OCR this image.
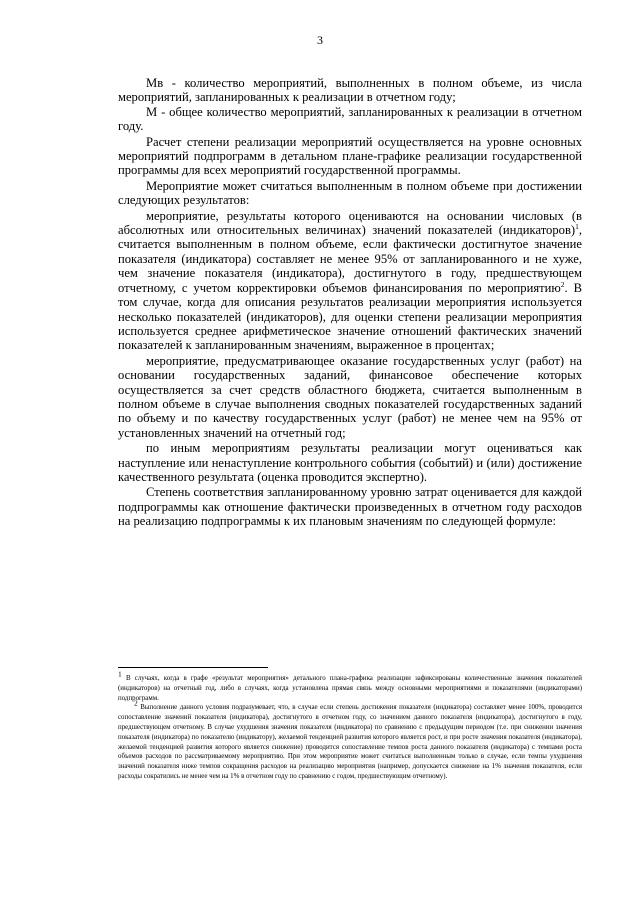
3

Мв - количество мероприятий, выполненных в полном объеме, из числа мероприятий, запланированных к реализации в отчетном году;

М - общее количество мероприятий, запланированных к реализации в отчетном году.

Расчет степени реализации мероприятий осуществляется на уровне основных мероприятий подпрограмм в детальном плане-графике реализации государственной программы для всех мероприятий государственной программы.

Мероприятие может считаться выполненным в полном объеме при достижении следующих результатов:

мероприятие, результаты которого оцениваются на основании числовых (в абсолютных или относительных величинах) значений показателей (индикаторов)$^1$, считается выполненным в полном объеме, если фактически достигнутое значение показателя (индикатора) составляет не менее 95% от запланированного и не хуже, чем значение показателя (индикатора), достигнутого в году, предшествующем отчетному, с учетом корректировки объемов финансирования по мероприятию$^2$. В том случае, когда для описания результатов реализации мероприятия используется несколько показателей (индикаторов), для оценки степени реализации мероприятия используется среднее арифметическое значение отношений фактических значений показателей к запланированным значениям, выраженное в процентах;

мероприятие, предусматривающее оказание государственных услуг (работ) на основании государственных заданий, финансовое обеспечение которых осуществляется за счет средств областного бюджета, считается выполненным в полном объеме в случае выполнения сводных показателей государственных заданий по объему и по качеству государственных услуг (работ) не менее чем на 95% от установленных значений на отчетный год;

по иным мероприятиям результаты реализации могут оцениваться как наступление или ненаступление контрольного события (событий) и (или) достижение качественного результата (оценка проводится экспертно).

Степень соответствия запланированному уровню затрат оценивается для каждой подпрограммы как отношение фактически произведенных в отчетном году расходов на реализацию подпрограммы к их плановым значениям по следующей формуле:

$^1$ В случаях, когда в графе «результат мероприятия» детального плана-графика реализации зафиксированы количественные значения показателей (индикаторов) на отчетный год, либо в случаях, когда установлена прямая связь между основными мероприятиями и показателями (индикаторами) подпрограмм.

$^2$ Выполнение данного условия подразумевает, что, в случае если степень достижения показателя (индикатора) составляет менее 100%, проводится сопоставление значений показателя (индикатора), достигнутого в отчетном году, со значением данного показателя (индикатора), достигнутого в году, предшествующем отчетному. В случае ухудшения значения показателя (индикатора) по сравнению с предыдущим периодом (т.е. при снижении значения показателя (индикатора) по показателю (индикатору), желаемой тенденцией развития которого является рост, и при росте значения показателя (индикатора), желаемой тенденцией развития которого является снижение) проводится сопоставление темпов роста данного показателя (индикатора) с темпами роста объемов расходов по рассматриваемому мероприятию. При этом мероприятие может считаться выполненным только в случае, если темпы ухудшения значений показателя ниже темпов сокращения расходов на реализацию мероприятия (например, допускается снижение на 1% значения показателя, если расходы сократились не менее чем на 1% в отчетном году по сравнению с годом, предшествующим отчетному).
